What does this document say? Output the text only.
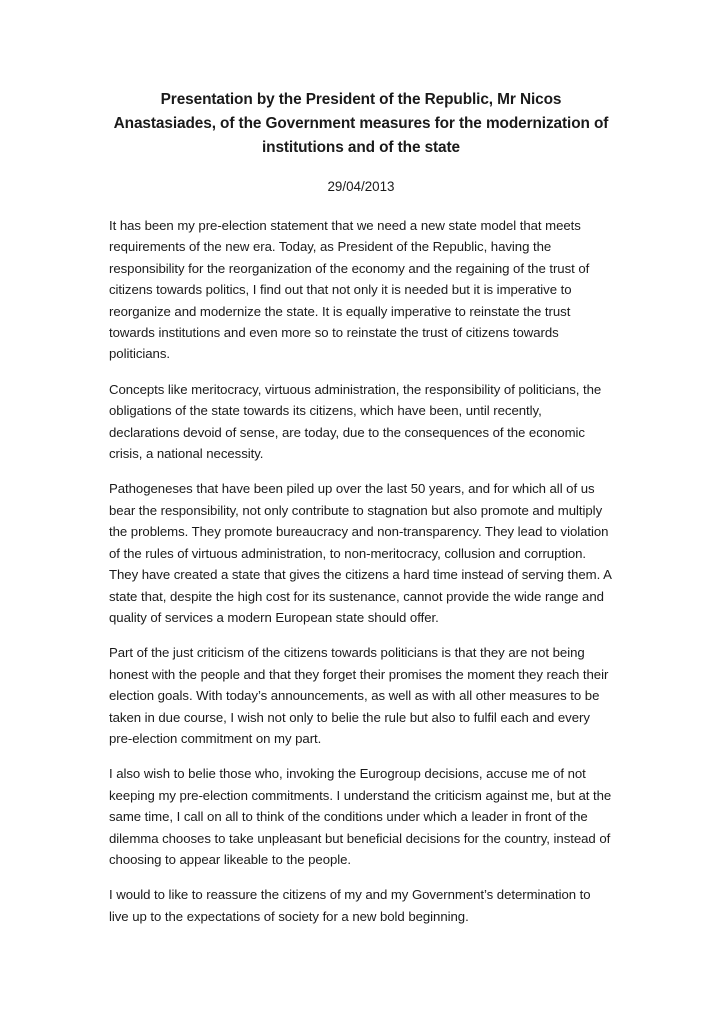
Presentation by the President of the Republic, Mr Nicos Anastasiades, of the Government measures for the modernization of institutions and of the state
29/04/2013

It has been my pre-election statement that we need a new state model that meets requirements of the new era. Today, as President of the Republic, having the responsibility for the reorganization of the economy and the regaining of the trust of citizens towards politics, I find out that not only it is needed but it is imperative to reorganize and modernize the state. It is equally imperative to reinstate the trust towards institutions and even more so to reinstate the trust of citizens towards politicians.

Concepts like meritocracy, virtuous administration, the responsibility of politicians, the obligations of the state towards its citizens, which have been, until recently, declarations devoid of sense, are today, due to the consequences of the economic crisis, a national necessity.

Pathogeneses that have been piled up over the last 50 years, and for which all of us bear the responsibility, not only contribute to stagnation but also promote and multiply the problems. They promote bureaucracy and non-transparency. They lead to violation of the rules of virtuous administration, to non-meritocracy, collusion and corruption. They have created a state that gives the citizens a hard time instead of serving them. A state that, despite the high cost for its sustenance, cannot provide the wide range and quality of services a modern European state should offer.

Part of the just criticism of the citizens towards politicians is that they are not being honest with the people and that they forget their promises the moment they reach their election goals. With today’s announcements, as well as with all other measures to be taken in due course, I wish not only to belie the rule but also to fulfil each and every pre-election commitment on my part.

I also wish to belie those who, invoking the Eurogroup decisions, accuse me of not keeping my pre-election commitments. I understand the criticism against me, but at the same time, I call on all to think of the conditions under which a leader in front of the dilemma chooses to take unpleasant but beneficial decisions for the country, instead of choosing to appear likeable to the people.

I would to like to reassure the citizens of my and my Government’s determination to live up to the expectations of society for a new bold beginning.
